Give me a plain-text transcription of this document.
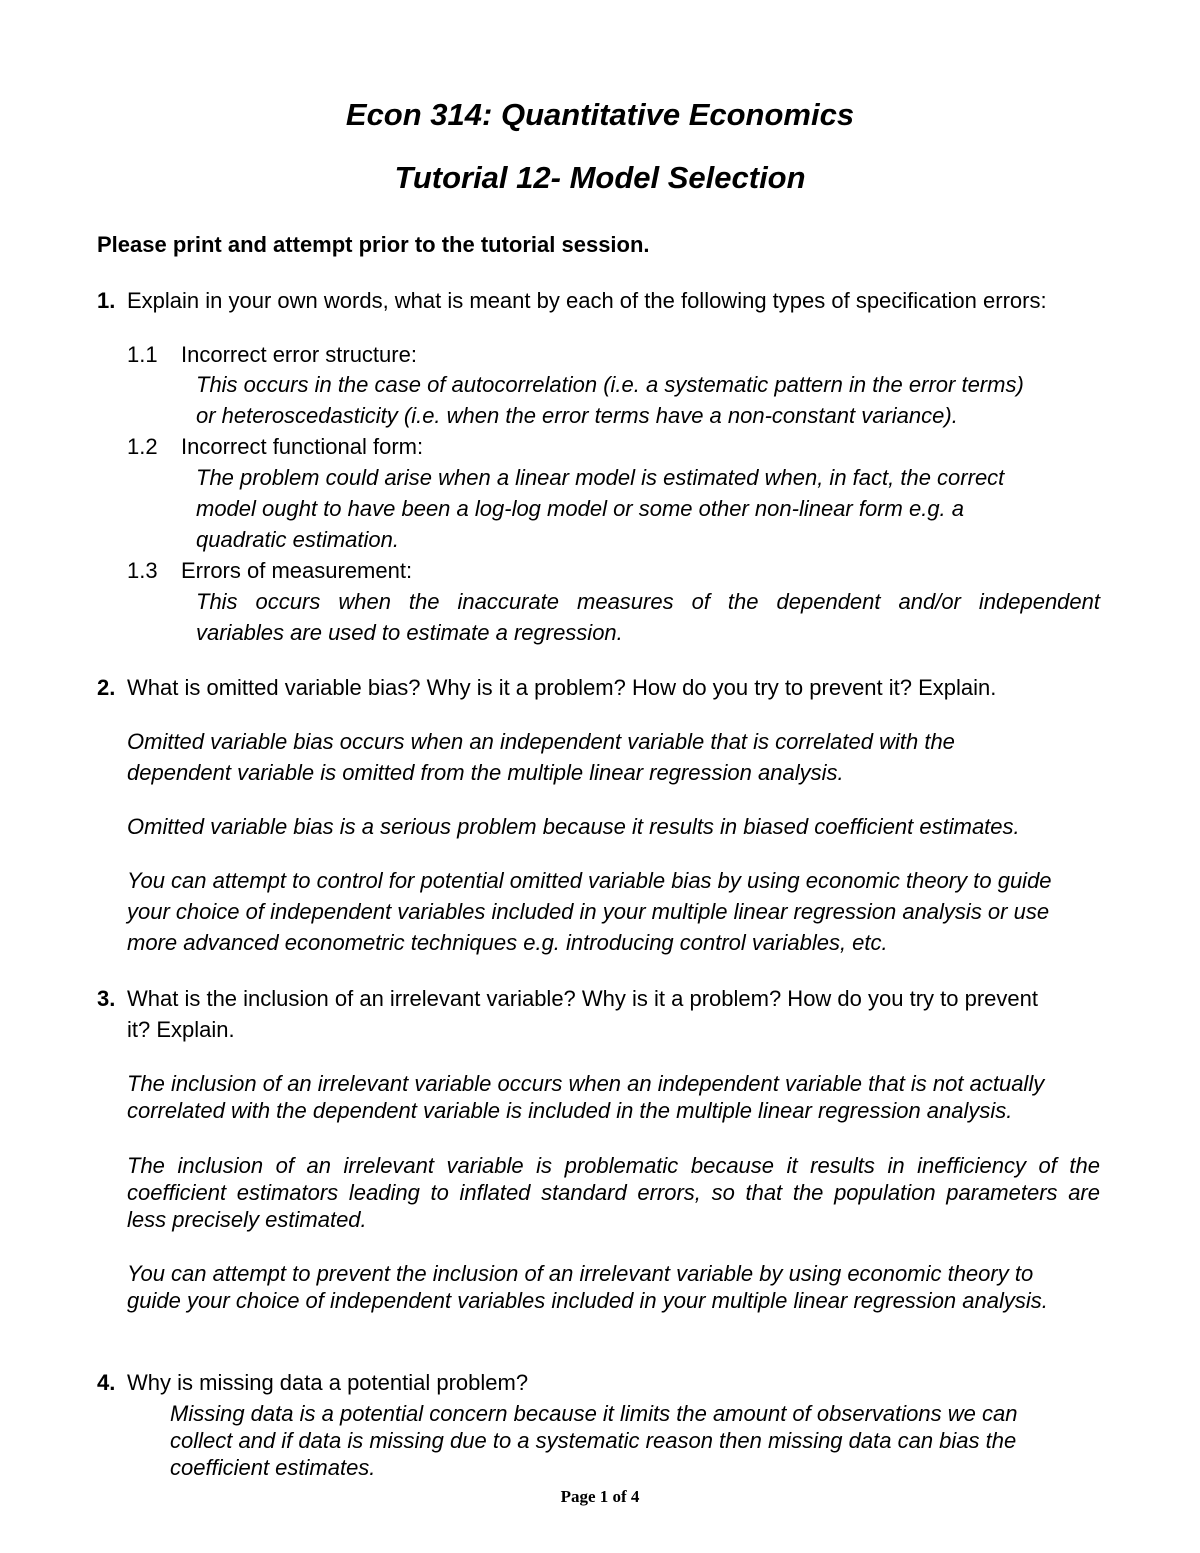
Econ 314: Quantitative Economics
Tutorial 12- Model Selection
Please print and attempt prior to the tutorial session.
1. Explain in your own words, what is meant by each of the following types of specification errors:
1.1 Incorrect error structure:
This occurs in the case of autocorrelation (i.e. a systematic pattern in the error terms)
or heteroscedasticity (i.e. when the error terms have a non-constant variance).
1.2 Incorrect functional form:
The problem could arise when a linear model is estimated when, in fact, the correct
model ought to have been a log-log model or some other non-linear form e.g. a
quadratic estimation.
1.3 Errors of measurement:
This occurs when the inaccurate measures of the dependent and/or independent
variables are used to estimate a regression.
2. What is omitted variable bias? Why is it a problem? How do you try to prevent it? Explain.
Omitted variable bias occurs when an independent variable that is correlated with the
dependent variable is omitted from the multiple linear regression analysis.
Omitted variable bias is a serious problem because it results in biased coefficient estimates.
You can attempt to control for potential omitted variable bias by using economic theory to guide
your choice of independent variables included in your multiple linear regression analysis or use
more advanced econometric techniques e.g. introducing control variables, etc.
3. What is the inclusion of an irrelevant variable? Why is it a problem? How do you try to prevent
it? Explain.
The inclusion of an irrelevant variable occurs when an independent variable that is not actually
correlated with the dependent variable is included in the multiple linear regression analysis.
The inclusion of an irrelevant variable is problematic because it results in inefficiency of the
coefficient estimators leading to inflated standard errors, so that the population parameters are
less precisely estimated.
You can attempt to prevent the inclusion of an irrelevant variable by using economic theory to
guide your choice of independent variables included in your multiple linear regression analysis.
4. Why is missing data a potential problem?
Missing data is a potential concern because it limits the amount of observations we can
collect and if data is missing due to a systematic reason then missing data can bias the
coefficient estimates.
Page 1 of 4
